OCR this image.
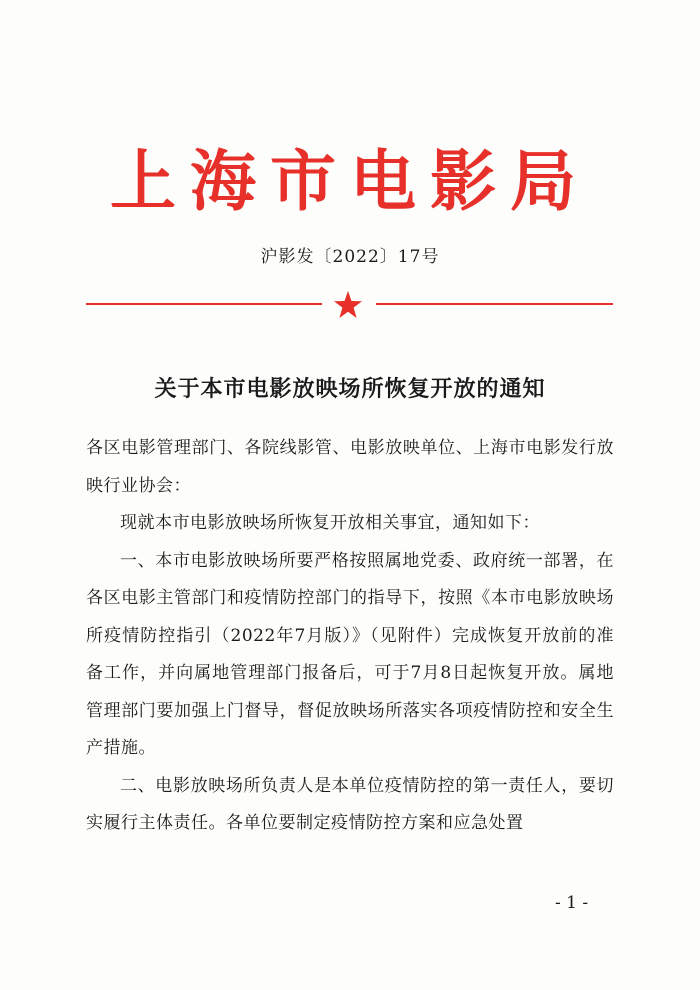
上海市电影局
沪影发〔2022〕17号
关于本市电影放映场所恢复开放的通知

各区电影管理部门、各院线影管、电影放映单位、上海市电影发行放映行业协会：

现就本市电影放映场所恢复开放相关事宜，通知如下：

一、本市电影放映场所要严格按照属地党委、政府统一部署，在各区电影主管部门和疫情防控部门的指导下，按照《本市电影放映场所疫情防控指引（2022年7月版）》（见附件）完成恢复开放前的准备工作，并向属地管理部门报备后，可于7月8日起恢复开放。属地管理部门要加强上门督导，督促放映场所落实各项疫情防控和安全生产措施。

二、电影放映场所负责人是本单位疫情防控的第一责任人，要切实履行主体责任。各单位要制定疫情防控方案和应急处置

- 1 -
